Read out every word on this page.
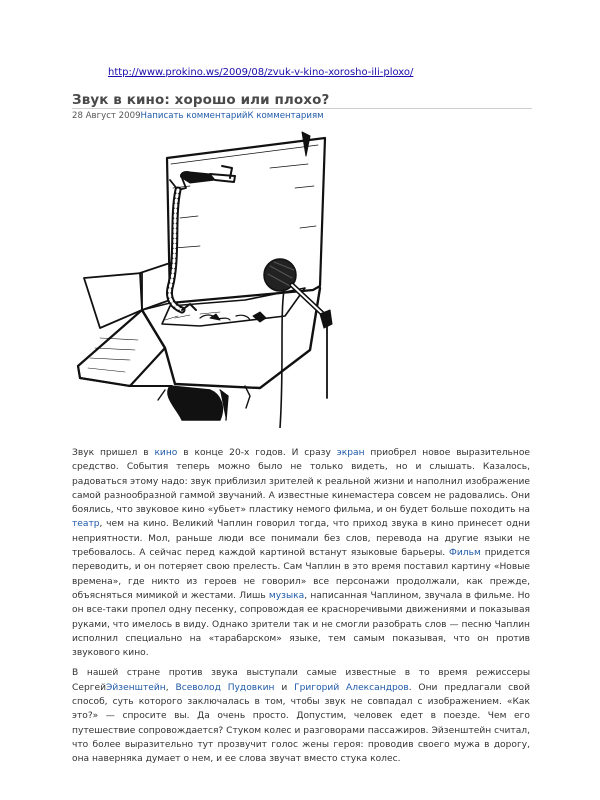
http://www.prokino.ws/2009/08/zvuk-v-kino-xorosho-ili-ploxo/
Звук в кино: хорошо или плохо?
28 Август 2009Написать комментарийК комментариям

Звук пришел в кино в конце 20-х годов. И сразу экран приобрел новое выразительное средство. События теперь можно было не только видеть, но и слышать. Казалось, радоваться этому надо: звук приблизил зрителей к реальной жизни и наполнил изображение самой разнообразной гаммой звучаний. А известные кинемастера совсем не радовались. Они боялись, что звуковое кино «убьет» пластику немого фильма, и он будет больше походить на театр, чем на кино. Великий Чаплин говорил тогда, что приход звука в кино принесет одни неприятности. Мол, раньше люди все понимали без слов, перевода на другие языки не требовалось. А сейчас перед каждой картиной встанут языковые барьеры. Фильм придется переводить, и он потеряет свою прелесть. Сам Чаплин в это время поставил картину «Новые времена», где никто из героев не говорил» все персонажи продолжали, как прежде, объясняться мимикой и жестами. Лишь музыка, написанная Чаплином, звучала в фильме. Но он все-таки пропел одну песенку, сопровождая ее красноречивыми движениями и показывая руками, что имелось в виду. Однако зрители так и не смогли разобрать слов — песню Чаплин исполнил специально на «тарабарском» языке, тем самым показывая, что он против звукового кино.

В нашей стране против звука выступали самые известные в то время режиссеры СергейЭйзенштейн, Всеволод Пудовкин и Григорий Александров. Они предлагали свой способ, суть которого заключалась в том, чтобы звук не совпадал с изображением. «Как это?» — спросите вы. Да очень просто. Допустим, человек едет в поезде. Чем его путешествие сопровождается? Стуком колес и разговорами пассажиров. Эйзенштейн считал, что более выразительно тут прозвучит голос жены героя: проводив своего мужа в дорогу, она наверняка думает о нем, и ее слова звучат вместо стука колес.
